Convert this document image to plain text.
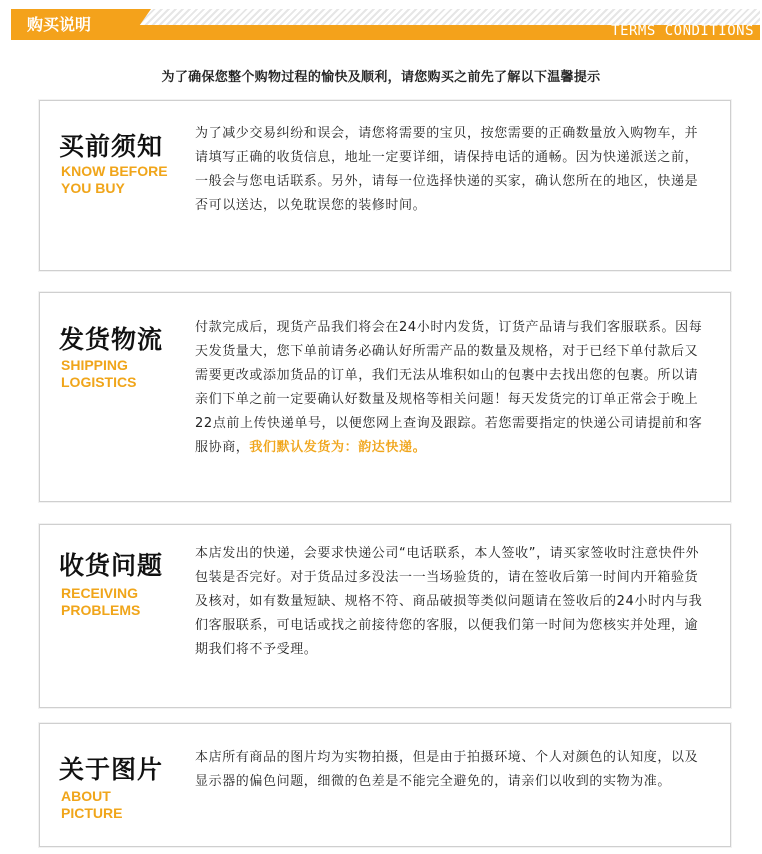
购买说明	TERMS CONDITIONS
为了确保您整个购物过程的愉快及顺利，请您购买之前先了解以下温馨提示
买前须知
KNOW BEFORE
YOU BUY
为了减少交易纠纷和误会，请您将需要的宝贝，按您需要的正确数量放入购物车，并请填写正确的收货信息，地址一定要详细，请保持电话的通畅。因为快递派送之前，一般会与您电话联系。另外，请每一位选择快递的买家，确认您所在的地区，快递是否可以送达，以免耽误您的装修时间。
发货物流
SHIPPING
LOGISTICS
付款完成后，现货产品我们将会在24小时内发货，订货产品请与我们客服联系。因每天发货量大，您下单前请务必确认好所需产品的数量及规格，对于已经下单付款后又需要更改或添加货品的订单，我们无法从堆积如山的包裹中去找出您的包裹。所以请亲们下单之前一定要确认好数量及规格等相关问题！每天发货完的订单正常会于晚上22点前上传快递单号，以便您网上查询及跟踪。若您需要指定的快递公司请提前和客服协商，我们默认发货为：韵达快递。
收货问题
RECEIVING
PROBLEMS
本店发出的快递，会要求快递公司“电话联系，本人签收”，请买家签收时注意快件外包装是否完好。对于货品过多没法一一当场验货的，请在签收后第一时间内开箱验货及核对，如有数量短缺、规格不符、商品破损等类似问题请在签收后的24小时内与我们客服联系，可电话或找之前接待您的客服，以便我们第一时间为您核实并处理，逾期我们将不予受理。
关于图片
ABOUT
PICTURE
本店所有商品的图片均为实物拍摄，但是由于拍摄环境、个人对颜色的认知度，以及显示器的偏色问题，细微的色差是不能完全避免的，请亲们以收到的实物为准。
